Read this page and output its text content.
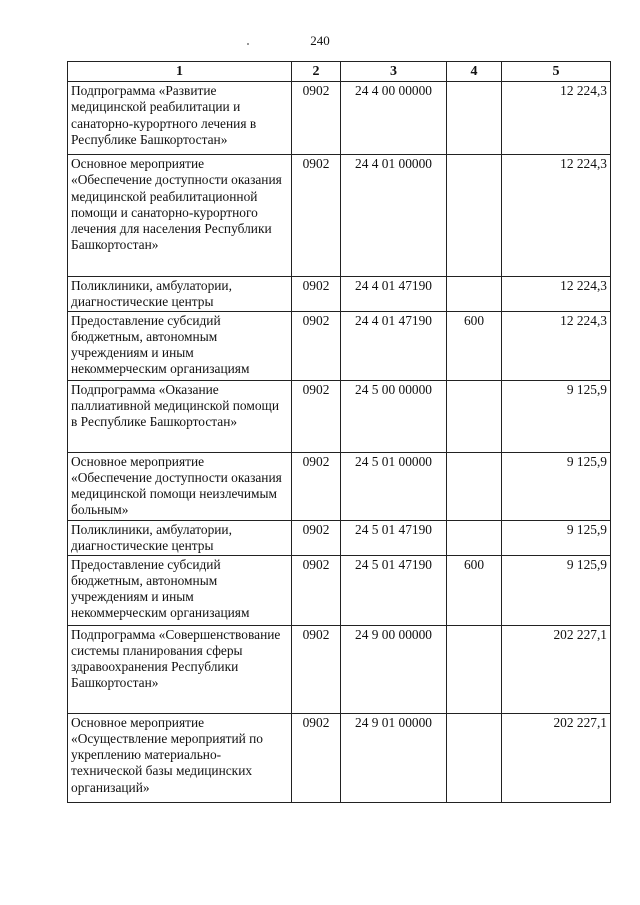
240
1	2	3	4	5
Подпрограмма «Развитие медицинской реабилитации и санаторно-курортного лечения в Республике Башкортостан»	0902	24 4 00 00000		12 224,3
Основное мероприятие «Обеспечение доступности оказания медицинской реабилитационной помощи и санаторно-курортного лечения для населения Республики Башкортостан»	0902	24 4 01 00000		12 224,3
Поликлиники, амбулатории, диагностические центры	0902	24 4 01 47190		12 224,3
Предоставление субсидий бюджетным, автономным учреждениям и иным некоммерческим организациям	0902	24 4 01 47190	600	12 224,3
Подпрограмма «Оказание паллиативной медицинской помощи в Республике Башкортостан»	0902	24 5 00 00000		9 125,9
Основное мероприятие «Обеспечение доступности оказания медицинской помощи неизлечимым больным»	0902	24 5 01 00000		9 125,9
Поликлиники, амбулатории, диагностические центры	0902	24 5 01 47190		9 125,9
Предоставление субсидий бюджетным, автономным учреждениям и иным некоммерческим организациям	0902	24 5 01 47190	600	9 125,9
Подпрограмма «Совершенствование системы планирования сферы здравоохранения Республики Башкортостан»	0902	24 9 00 00000		202 227,1
Основное мероприятие «Осуществление мероприятий по укреплению материально-технической базы медицинских организаций»	0902	24 9 01 00000		202 227,1
